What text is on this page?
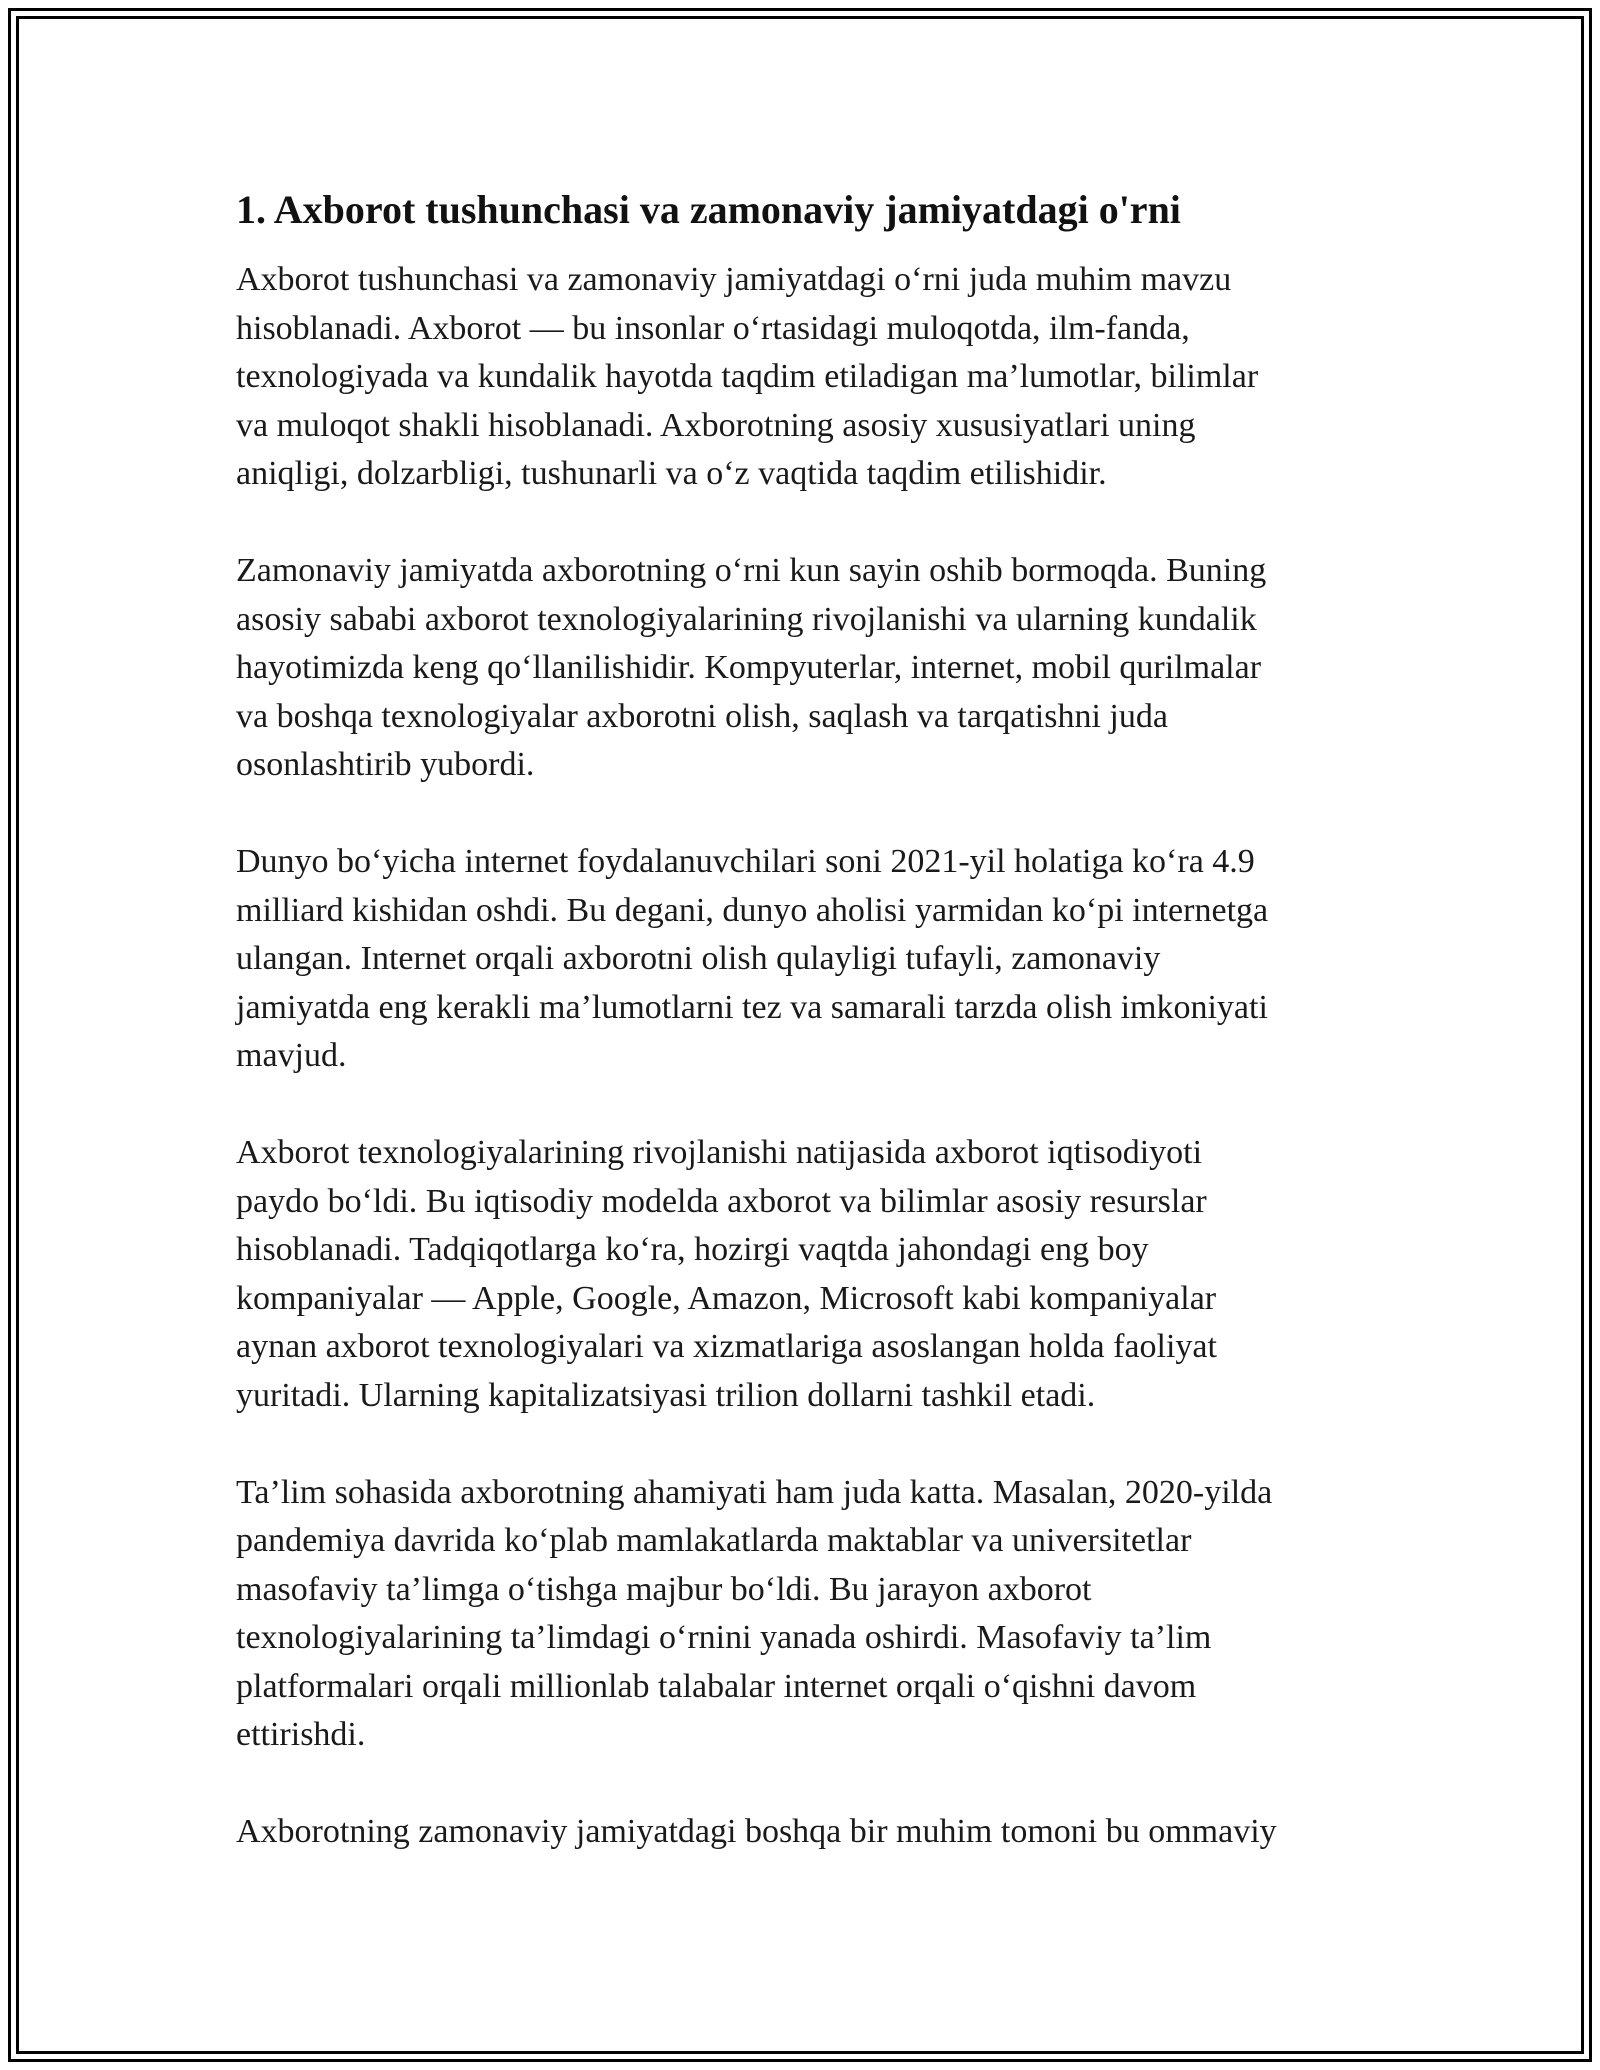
1. Axborot tushunchasi va zamonaviy jamiyatdagi o'rni

Axborot tushunchasi va zamonaviy jamiyatdagi o‘rni juda muhim mavzu
hisoblanadi. Axborot — bu insonlar o‘rtasidagi muloqotda, ilm-fanda,
texnologiyada va kundalik hayotda taqdim etiladigan ma’lumotlar, bilimlar
va muloqot shakli hisoblanadi. Axborotning asosiy xususiyatlari uning
aniqligi, dolzarbligi, tushunarli va o‘z vaqtida taqdim etilishidir.

Zamonaviy jamiyatda axborotning o‘rni kun sayin oshib bormoqda. Buning
asosiy sababi axborot texnologiyalarining rivojlanishi va ularning kundalik
hayotimizda keng qo‘llanilishidir. Kompyuterlar, internet, mobil qurilmalar
va boshqa texnologiyalar axborotni olish, saqlash va tarqatishni juda
osonlashtirib yubordi.

Dunyo bo‘yicha internet foydalanuvchilari soni 2021-yil holatiga ko‘ra 4.9
milliard kishidan oshdi. Bu degani, dunyo aholisi yarmidan ko‘pi internetga
ulangan. Internet orqali axborotni olish qulayligi tufayli, zamonaviy
jamiyatda eng kerakli ma’lumotlarni tez va samarali tarzda olish imkoniyati
mavjud.

Axborot texnologiyalarining rivojlanishi natijasida axborot iqtisodiyoti
paydo bo‘ldi. Bu iqtisodiy modelda axborot va bilimlar asosiy resurslar
hisoblanadi. Tadqiqotlarga ko‘ra, hozirgi vaqtda jahondagi eng boy
kompaniyalar — Apple, Google, Amazon, Microsoft kabi kompaniyalar
aynan axborot texnologiyalari va xizmatlariga asoslangan holda faoliyat
yuritadi. Ularning kapitalizatsiyasi trilion dollarni tashkil etadi.

Ta’lim sohasida axborotning ahamiyati ham juda katta. Masalan, 2020-yilda
pandemiya davrida ko‘plab mamlakatlarda maktablar va universitetlar
masofaviy ta’limga o‘tishga majbur bo‘ldi. Bu jarayon axborot
texnologiyalarining ta’limdagi o‘rnini yanada oshirdi. Masofaviy ta’lim
platformalari orqali millionlab talabalar internet orqali o‘qishni davom
ettirishdi.

Axborotning zamonaviy jamiyatdagi boshqa bir muhim tomoni bu ommaviy
